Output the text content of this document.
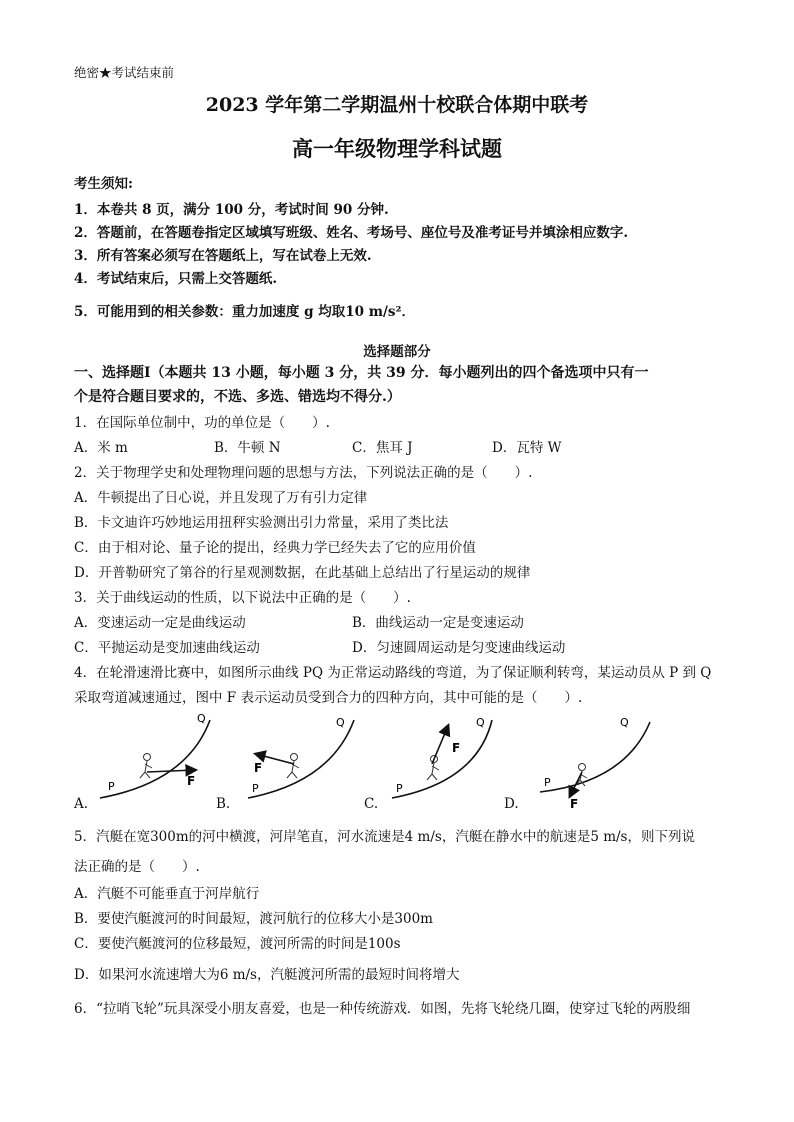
绝密★考试结束前
2023 学年第二学期温州十校联合体期中联考
高一年级物理学科试题
考生须知:
1．本卷共 8 页，满分 100 分，考试时间 90 分钟.
2．答题前，在答题卷指定区域填写班级、姓名、考场号、座位号及准考证号并填涂相应数字.
3．所有答案必须写在答题纸上，写在试卷上无效.
4．考试结束后，只需上交答题纸.
5．可能用到的相关参数：重力加速度 g 均取10 m/s²．
选择题部分
一、选择题Ⅰ（本题共 13 小题，每小题 3 分，共 39 分．每小题列出的四个备选项中只有一
个是符合题目要求的，不选、多选、错选均不得分.）
1．在国际单位制中，功的单位是（　　）.
A．米 m	B．牛顿 N	C．焦耳 J	D．瓦特 W
2．关于物理学史和处理物理问题的思想与方法，下列说法正确的是（　　）.
A．牛顿提出了日心说，并且发现了万有引力定律
B．卡文迪许巧妙地运用扭秤实验测出引力常量，采用了类比法
C．由于相对论、量子论的提出，经典力学已经失去了它的应用价值
D．开普勒研究了第谷的行星观测数据，在此基础上总结出了行星运动的规律
3．关于曲线运动的性质，以下说法中正确的是（　　）.
A．变速运动一定是曲线运动	B．曲线运动一定是变速运动
C．平抛运动是变加速曲线运动	D．匀速圆周运动是匀变速曲线运动
4．在轮滑速滑比赛中，如图所示曲线 PQ 为正常运动路线的弯道，为了保证顺利转弯，某运动员从 P 到 Q
采取弯道减速通过，图中 F 表示运动员受到合力的四种方向，其中可能的是（　　）.
A.
F
P
Q
B.
F
P
Q
C.
F
P
Q
D.	F
P
Q
5．汽艇在宽300m的河中横渡，河岸笔直，河水流速是4 m/s，汽艇在静水中的航速是5 m/s，则下列说
法正确的是（　　）.
A．汽艇不可能垂直于河岸航行
B．要使汽艇渡河的时间最短，渡河航行的位移大小是300m
C．要使汽艇渡河的位移最短，渡河所需的时间是100s
D．如果河水流速增大为6 m/s，汽艇渡河所需的最短时间将增大
6．“拉哨飞轮”玩具深受小朋友喜爱，也是一种传统游戏．如图，先将飞轮绕几圈，使穿过飞轮的两股细
